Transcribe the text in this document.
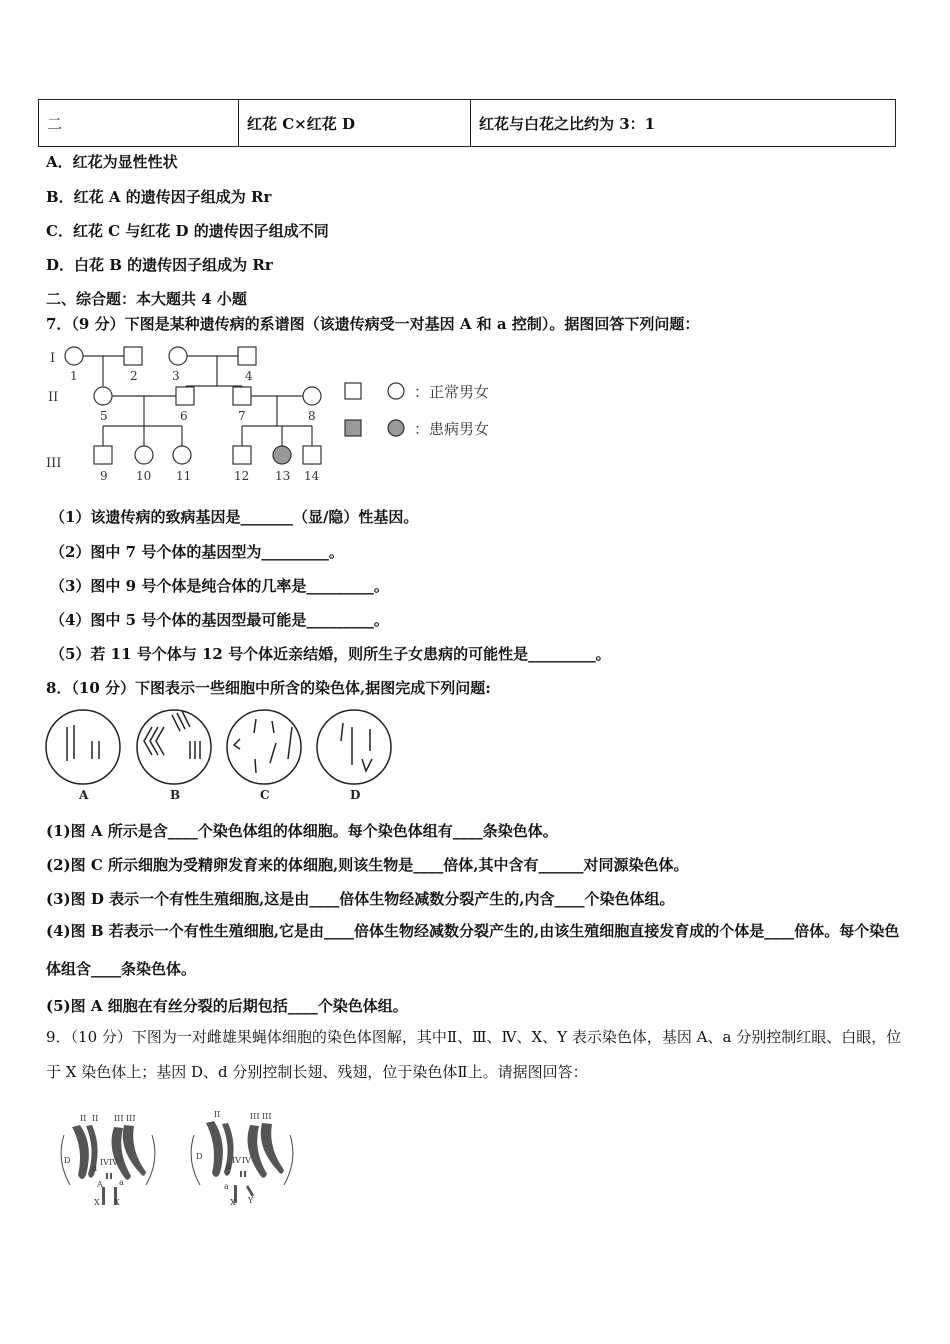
二	红花 C×红花 D	红花与白花之比约为 3：1
A．红花为显性性状
B．红花 A 的遗传因子组成为 Rr
C．红花 C 与红花 D 的遗传因子组成不同
D．白花 B 的遗传因子组成为 Rr
二、综合题：本大题共 4 小题
7．（9 分）下图是某种遗传病的系谱图（该遗传病受一对基因 A 和 a 控制）。据图回答下列问题：
I
II
III
1	2	3	4
5	6	7	8
9 10 11	12 13 14
：正常男女
：患病男女
（1）该遗传病的致病基因是_______（显/隐）性基因。
（2）图中 7 号个体的基因型为_________。
（3）图中 9 号个体是纯合体的几率是_________。
（4）图中 5 号个体的基因型最可能是_________。
（5）若 11 号个体与 12 号个体近亲结婚，则所生子女患病的可能性是_________。
8．（10 分）下图表示一些细胞中所含的染色体,据图完成下列问题:
A	B	C	D
(1)图 A 所示是含____个染色体组的体细胞。每个染色体组有____条染色体。
(2)图 C 所示细胞为受精卵发育来的体细胞,则该生物是____倍体,其中含有______对同源染色体。
(3)图 D 表示一个有性生殖细胞,这是由____倍体生物经减数分裂产生的,内含____个染色体组。
(4)图 B 若表示一个有性生殖细胞,它是由____倍体生物经减数分裂产生的,由该生殖细胞直接发育成的个体是____倍体。每个染色体组含____条染色体。
(5)图 A 细胞在有丝分裂的后期包括____个染色体组。
9．（10 分）下图为一对雌雄果蝇体细胞的染色体图解，其中Ⅱ、Ⅲ、Ⅳ、X、Y 表示染色体，基因 A、a 分别控制红眼、白眼，位于 X 染色体上；基因 D、d 分别控制长翅、残翅，位于染色体Ⅱ上。请据图回答：
II II III III
IV IV
D
d
A a
X X
II	III III
IV IV
D
d
a
X Y
